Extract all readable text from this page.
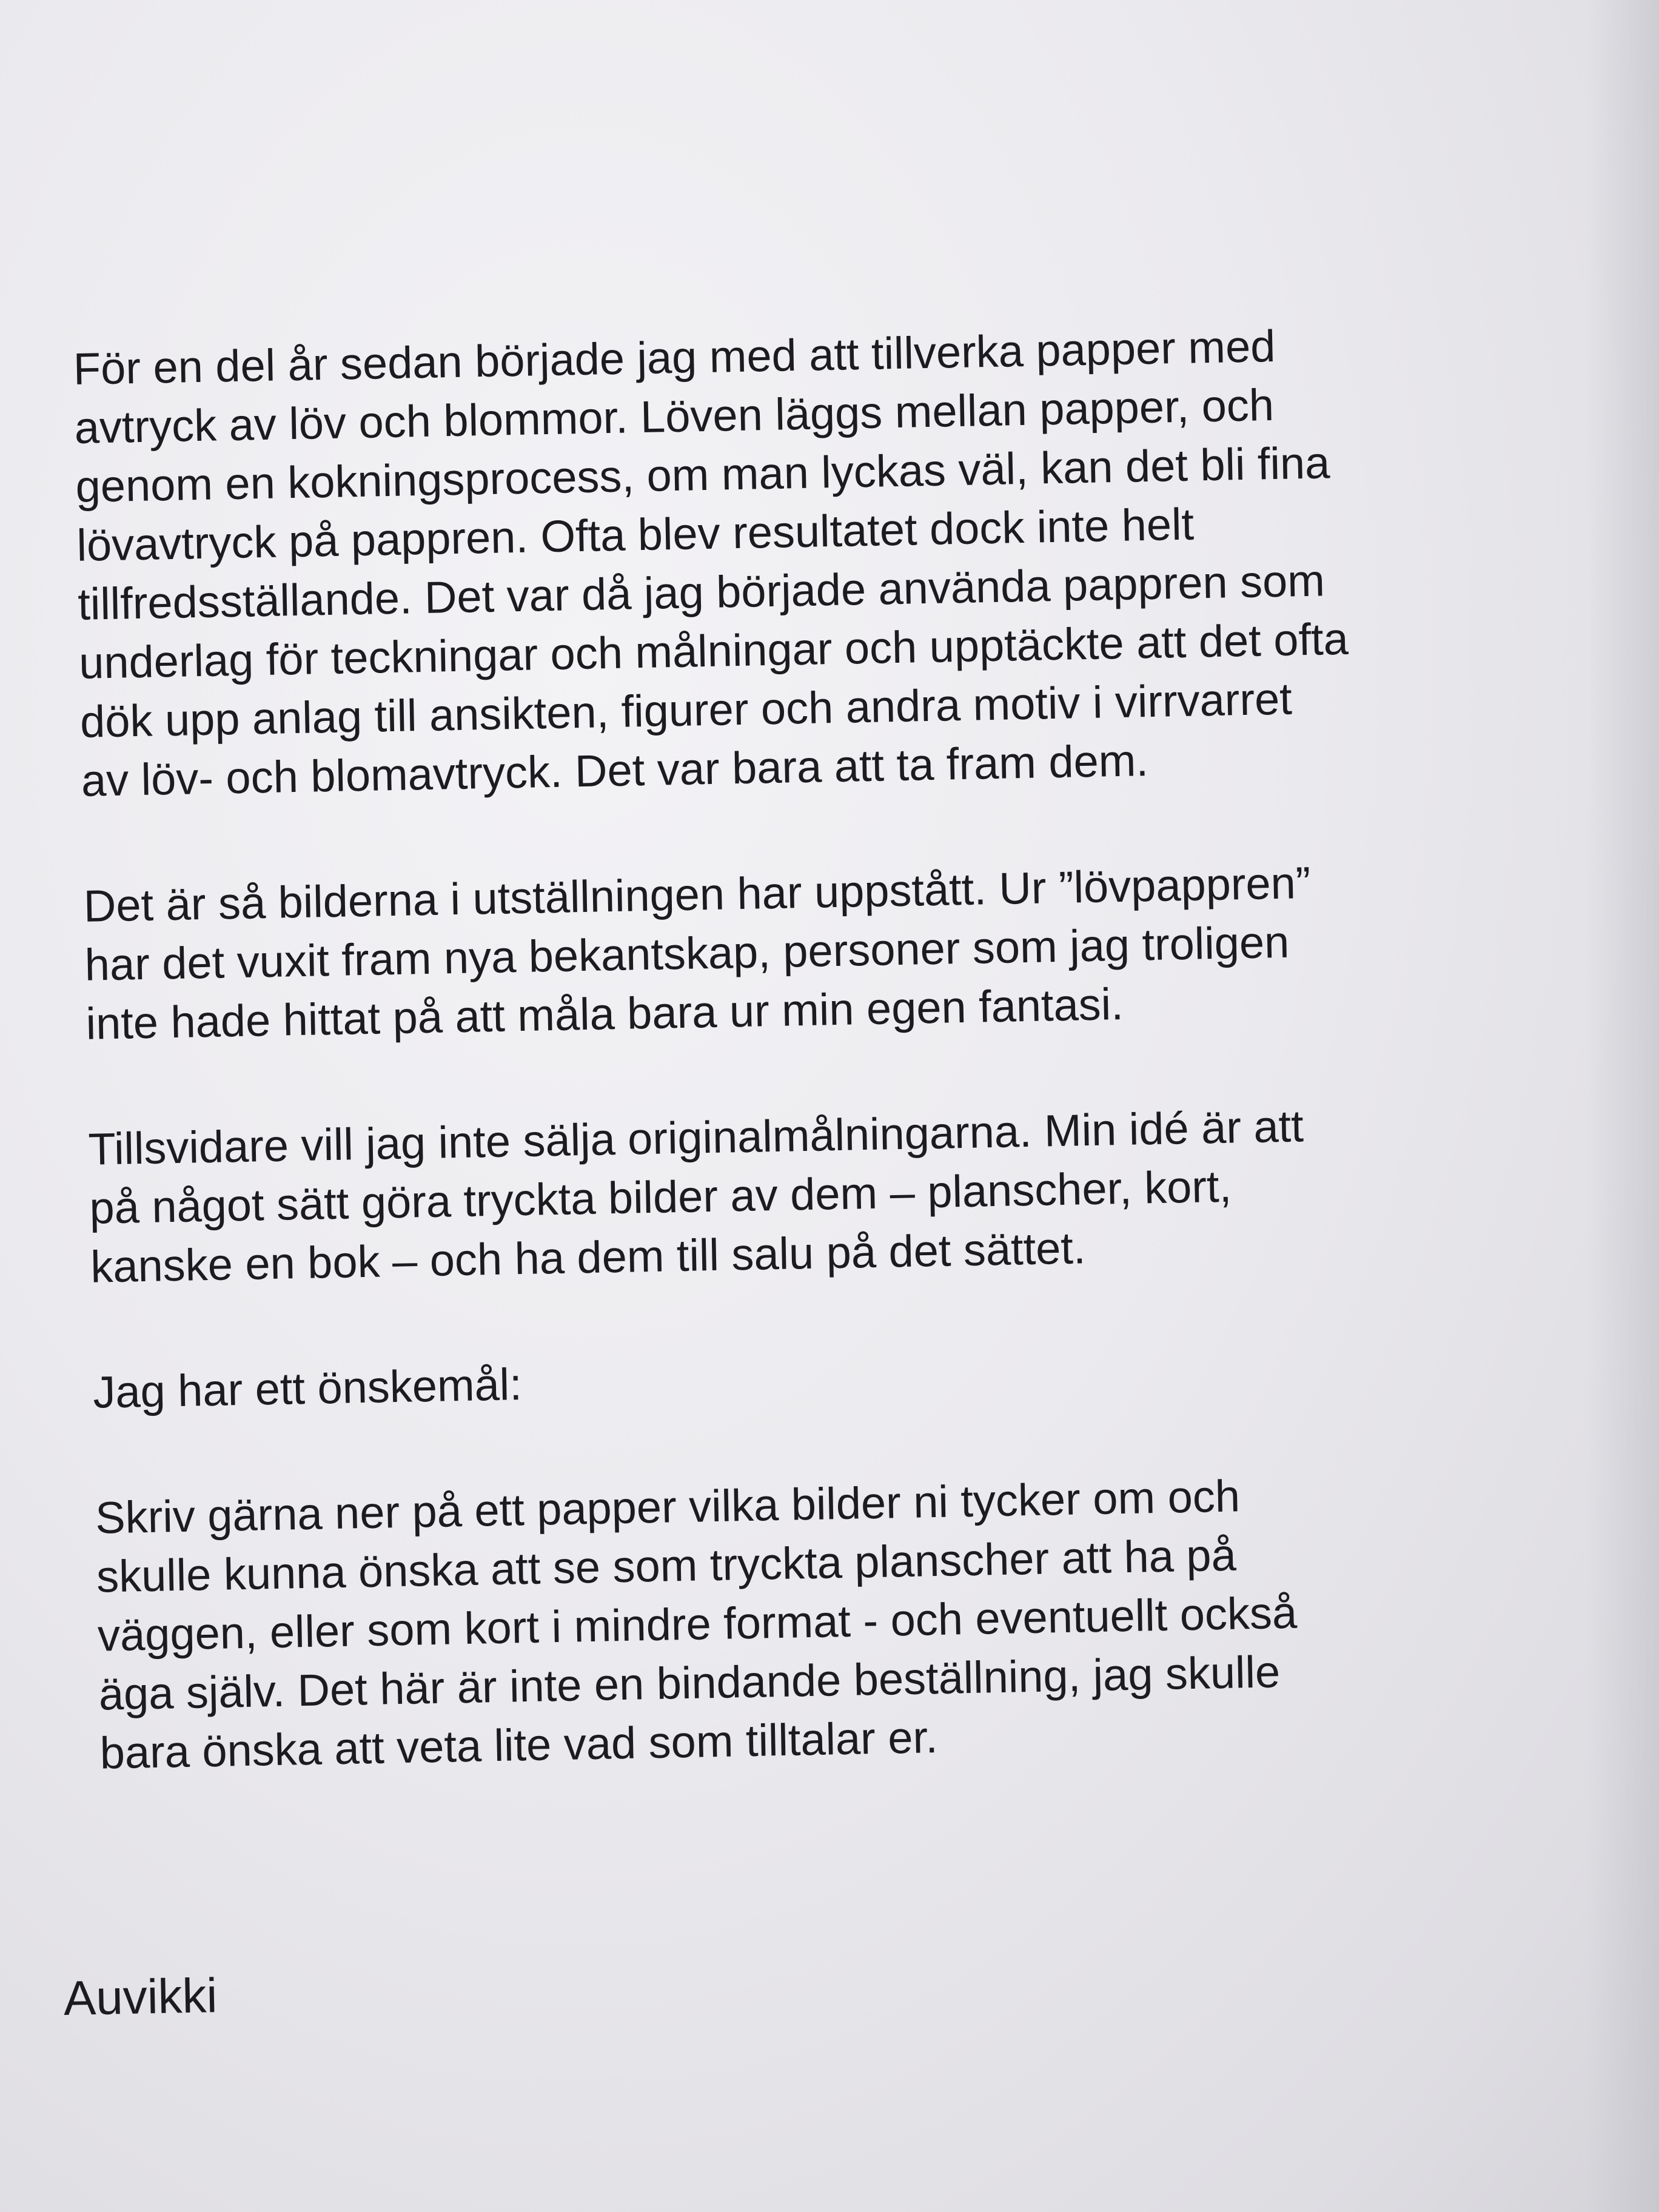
För en del år sedan började jag med att tillverka papper med
avtryck av löv och blommor. Löven läggs mellan papper, och
genom en kokningsprocess, om man lyckas väl, kan det bli fina
lövavtryck på pappren. Ofta blev resultatet dock inte helt
tillfredsställande. Det var då jag började använda pappren som
underlag för teckningar och målningar och upptäckte att det ofta
dök upp anlag till ansikten, figurer och andra motiv i virrvarret
av löv- och blomavtryck. Det var bara att ta fram dem.

Det är så bilderna i utställningen har uppstått. Ur ”lövpappren”
har det vuxit fram nya bekantskap, personer som jag troligen
inte hade hittat på att måla bara ur min egen fantasi.

Tillsvidare vill jag inte sälja originalmålningarna. Min idé är att
på något sätt göra tryckta bilder av dem – planscher, kort,
kanske en bok – och ha dem till salu på det sättet.

Jag har ett önskemål:

Skriv gärna ner på ett papper vilka bilder ni tycker om och
skulle kunna önska att se som tryckta planscher att ha på
väggen, eller som kort i mindre format - och eventuellt också
äga själv. Det här är inte en bindande beställning, jag skulle
bara önska att veta lite vad som tilltalar er.

Auvikki
